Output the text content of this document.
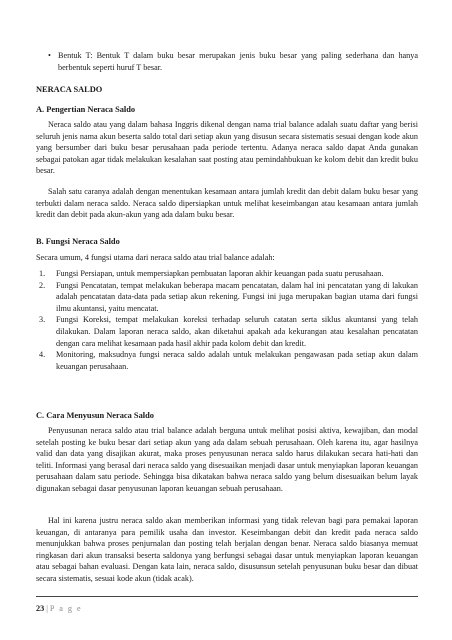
• Bentuk T: Bentuk T dalam buku besar merupakan jenis buku besar yang paling sederhana dan hanya berbentuk seperti huruf T besar.
NERACA SALDO
A. Pengertian Neraca Saldo
Neraca saldo atau yang dalam bahasa Inggris dikenal dengan nama trial balance adalah suatu daftar yang berisi seluruh jenis nama akun beserta saldo total dari setiap akun yang disusun secara sistematis sesuai dengan kode akun yang bersumber dari buku besar perusahaan pada periode tertentu. Adanya neraca saldo dapat Anda gunakan sebagai patokan agar tidak melakukan kesalahan saat posting atau pemindahbukuan ke kolom debit dan kredit buku besar.
Salah satu caranya adalah dengan menentukan kesamaan antara jumlah kredit dan debit dalam buku besar yang terbukti dalam neraca saldo. Neraca saldo dipersiapkan untuk melihat keseimbangan atau kesamaan antara jumlah kredit dan debit pada akun-akun yang ada dalam buku besar.
B. Fungsi Neraca Saldo
Secara umum, 4 fungsi utama dari neraca saldo atau trial balance adalah:
1. Fungsi Persiapan, untuk mempersiapkan pembuatan laporan akhir keuangan pada suatu perusahaan.
2. Fungsi Pencatatan, tempat melakukan beberapa macam pencatatan, dalam hal ini pencatatan yang di lakukan adalah pencatatan data-data pada setiap akun rekening. Fungsi ini juga merupakan bagian utama dari fungsi ilmu akuntansi, yaitu mencatat.
3. Fungsi Koreksi, tempat melakukan koreksi terhadap seluruh catatan serta siklus akuntansi yang telah dilakukan. Dalam laporan neraca saldo, akan diketahui apakah ada kekurangan atau kesalahan pencatatan dengan cara melihat kesamaan pada hasil akhir pada kolom debit dan kredit.
4. Monitoring, maksudnya fungsi neraca saldo adalah untuk melakukan pengawasan pada setiap akun dalam keuangan perusahaan.
C. Cara Menyusun Neraca Saldo
Penyusunan neraca saldo atau trial balance adalah berguna untuk melihat posisi aktiva, kewajiban, dan modal setelah posting ke buku besar dari setiap akun yang ada dalam sebuah perusahaan. Oleh karena itu, agar hasilnya valid dan data yang disajikan akurat, maka proses penyusunan neraca saldo harus dilakukan secara hati-hati dan teliti. Informasi yang berasal dari neraca saldo yang disesuaikan menjadi dasar untuk menyiapkan laporan keuangan perusahaan dalam satu periode. Sehingga bisa dikatakan bahwa neraca saldo yang belum disesuaikan belum layak digunakan sebagai dasar penyusunan laporan keuangan sebuah perusahaan.
Hal ini karena justru neraca saldo akan memberikan informasi yang tidak relevan bagi para pemakai laporan keuangan, di antaranya para pemilik usaha dan investor. Keseimbangan debit dan kredit pada neraca saldo menunjukkan bahwa proses penjurnalan dan posting telah berjalan dengan benar. Neraca saldo biasanya memuat ringkasan dari akun transaksi beserta saldonya yang berfungsi sebagai dasar untuk menyiapkan laporan keuangan atau sebagai bahan evaluasi. Dengan kata lain, neraca saldo, disusunsun setelah penyusunan buku besar dan dibuat secara sistematis, sesuai kode akun (tidak acak).
23 | P a g e
